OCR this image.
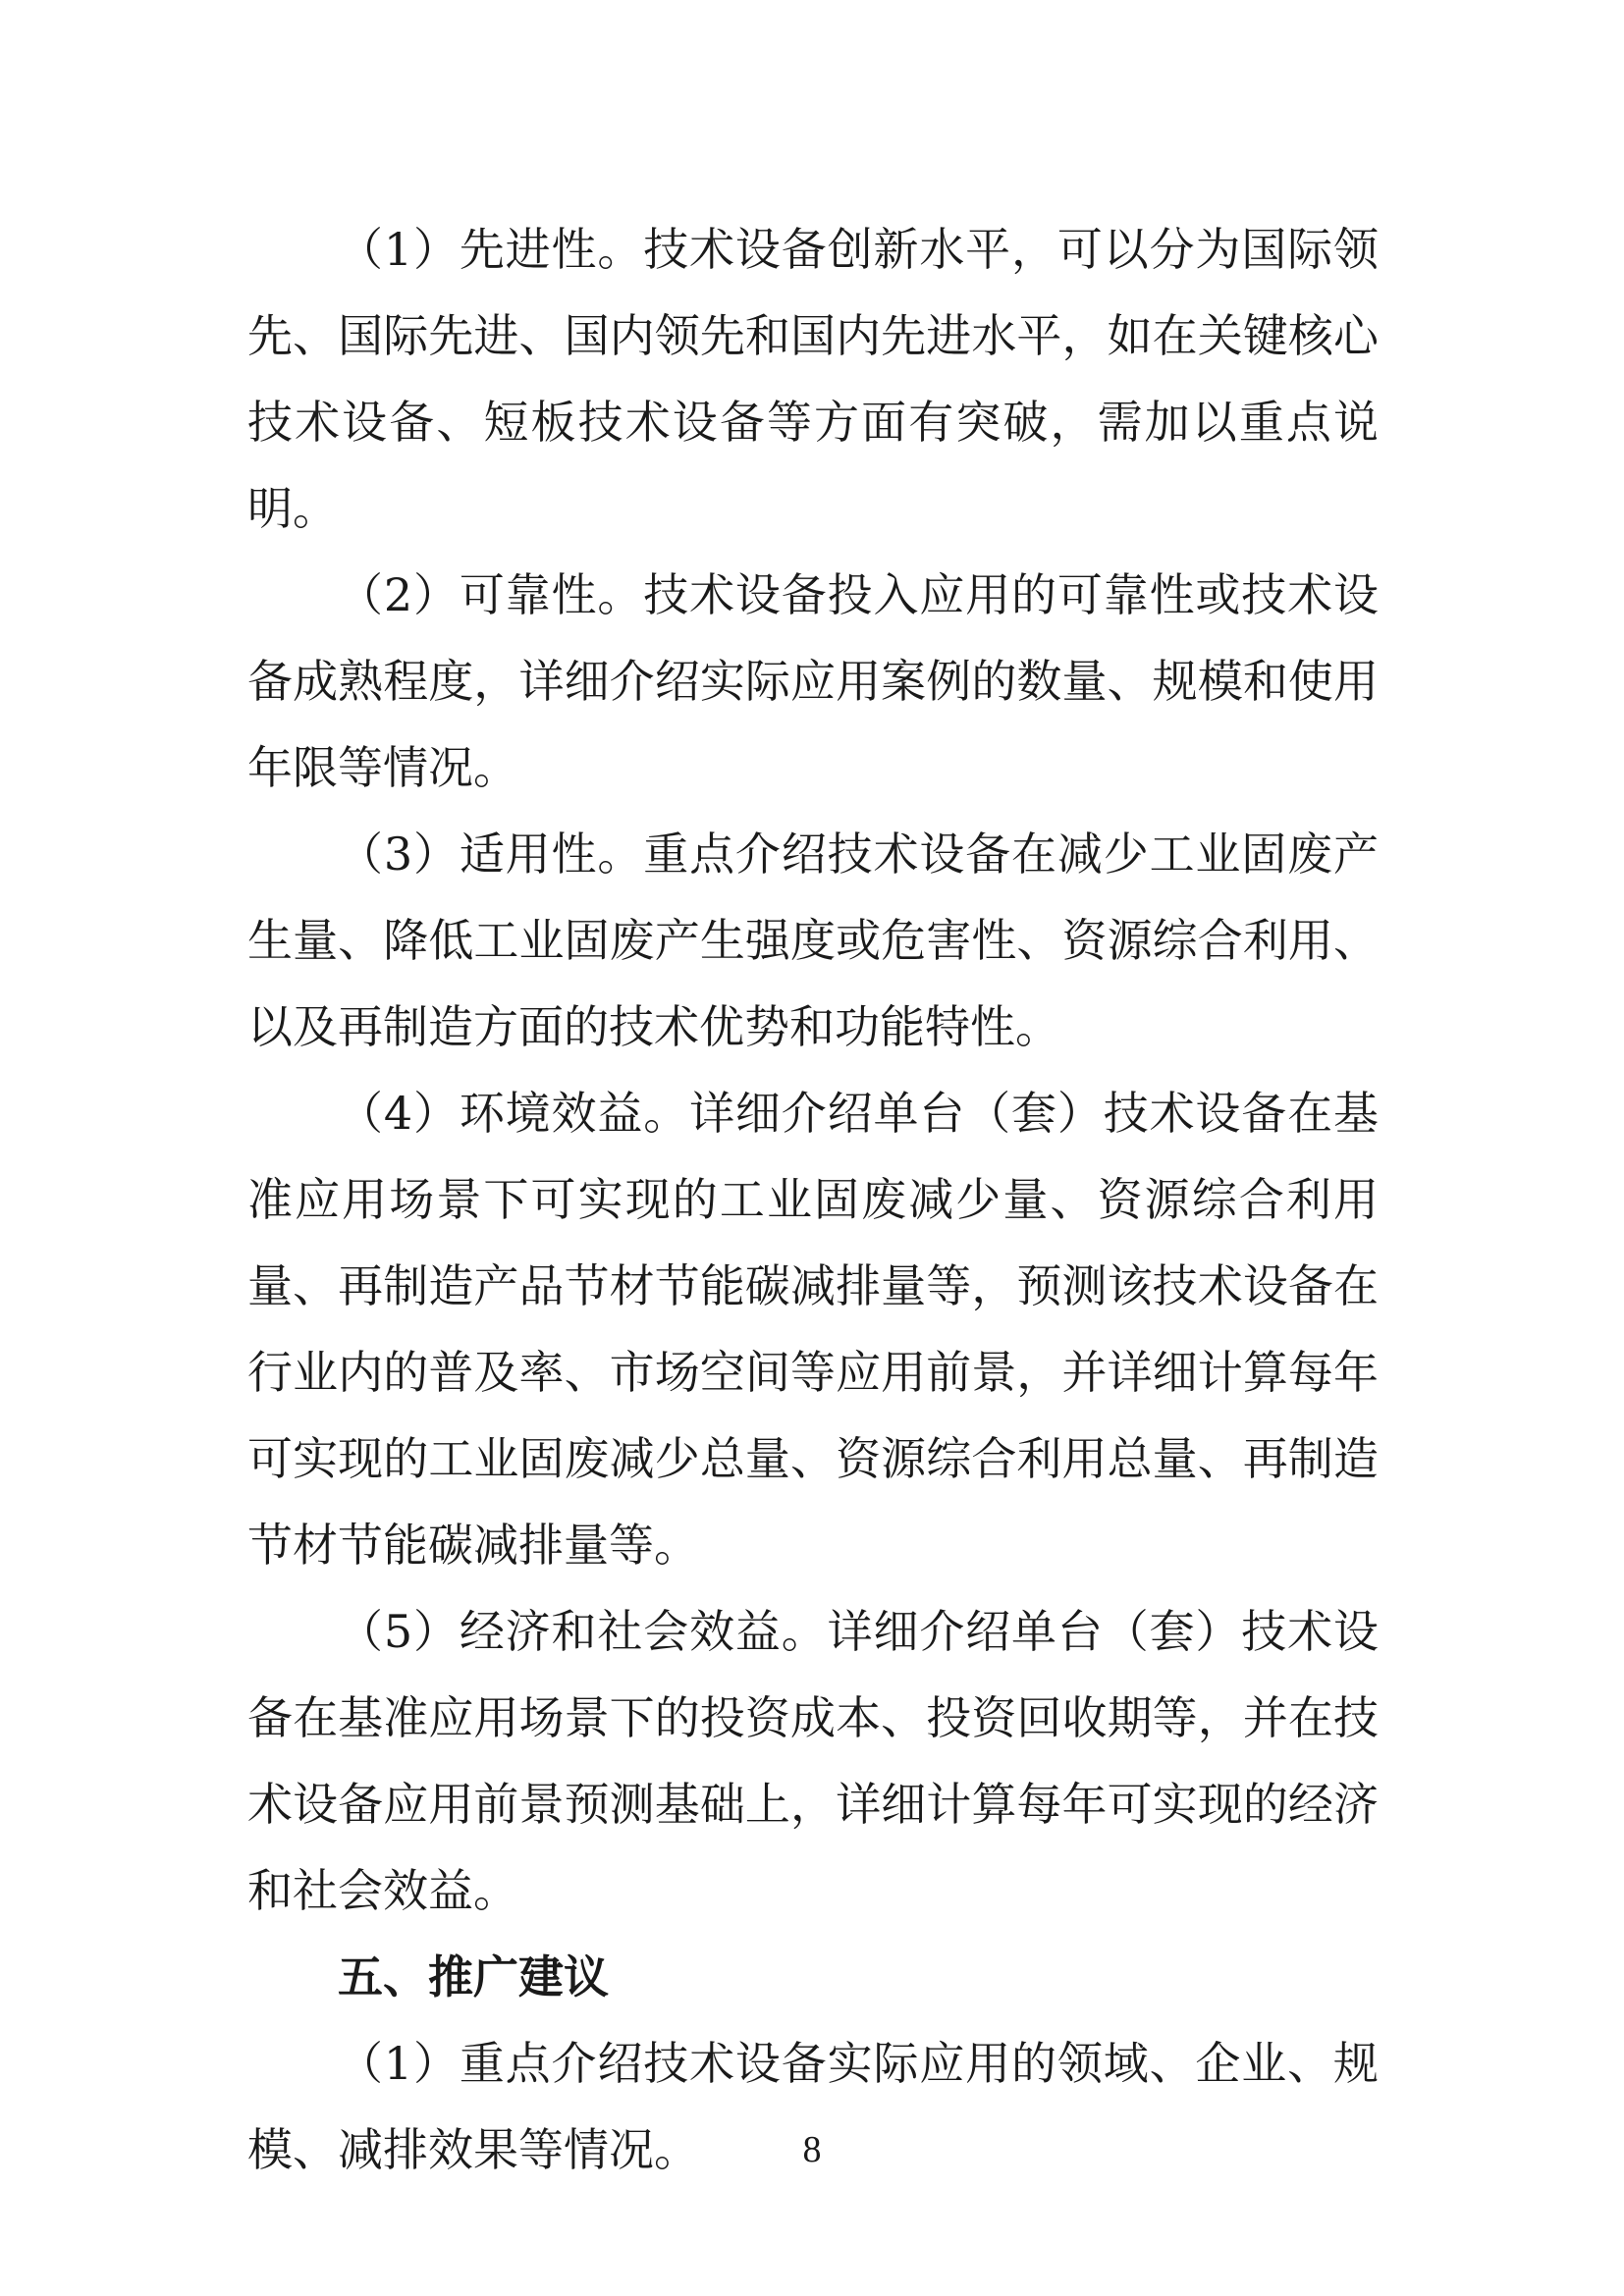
（1）先进性。技术设备创新水平，可以分为国际领先、国际先进、国内领先和国内先进水平，如在关键核心技术设备、短板技术设备等方面有突破，需加以重点说明。

（2）可靠性。技术设备投入应用的可靠性或技术设备成熟程度，详细介绍实际应用案例的数量、规模和使用年限等情况。

（3）适用性。重点介绍技术设备在减少工业固废产生量、降低工业固废产生强度或危害性、资源综合利用、以及再制造方面的技术优势和功能特性。

（4）环境效益。详细介绍单台（套）技术设备在基准应用场景下可实现的工业固废减少量、资源综合利用量、再制造产品节材节能碳减排量等，预测该技术设备在行业内的普及率、市场空间等应用前景，并详细计算每年可实现的工业固废减少总量、资源综合利用总量、再制造节材节能碳减排量等。

（5）经济和社会效益。详细介绍单台（套）技术设备在基准应用场景下的投资成本、投资回收期等，并在技术设备应用前景预测基础上，详细计算每年可实现的经济和社会效益。

五、推广建议

（1）重点介绍技术设备实际应用的领域、企业、规模、减排效果等情况。	8
